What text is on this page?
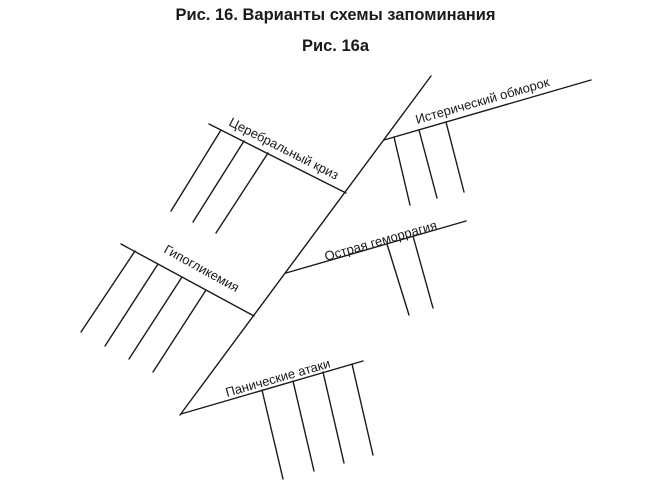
Рис. 16. Варианты схемы запоминания
Рис. 16а
Истерический обморок
Церебральный криз
Острая геморрагия
Гипогликемия
Панические атаки
